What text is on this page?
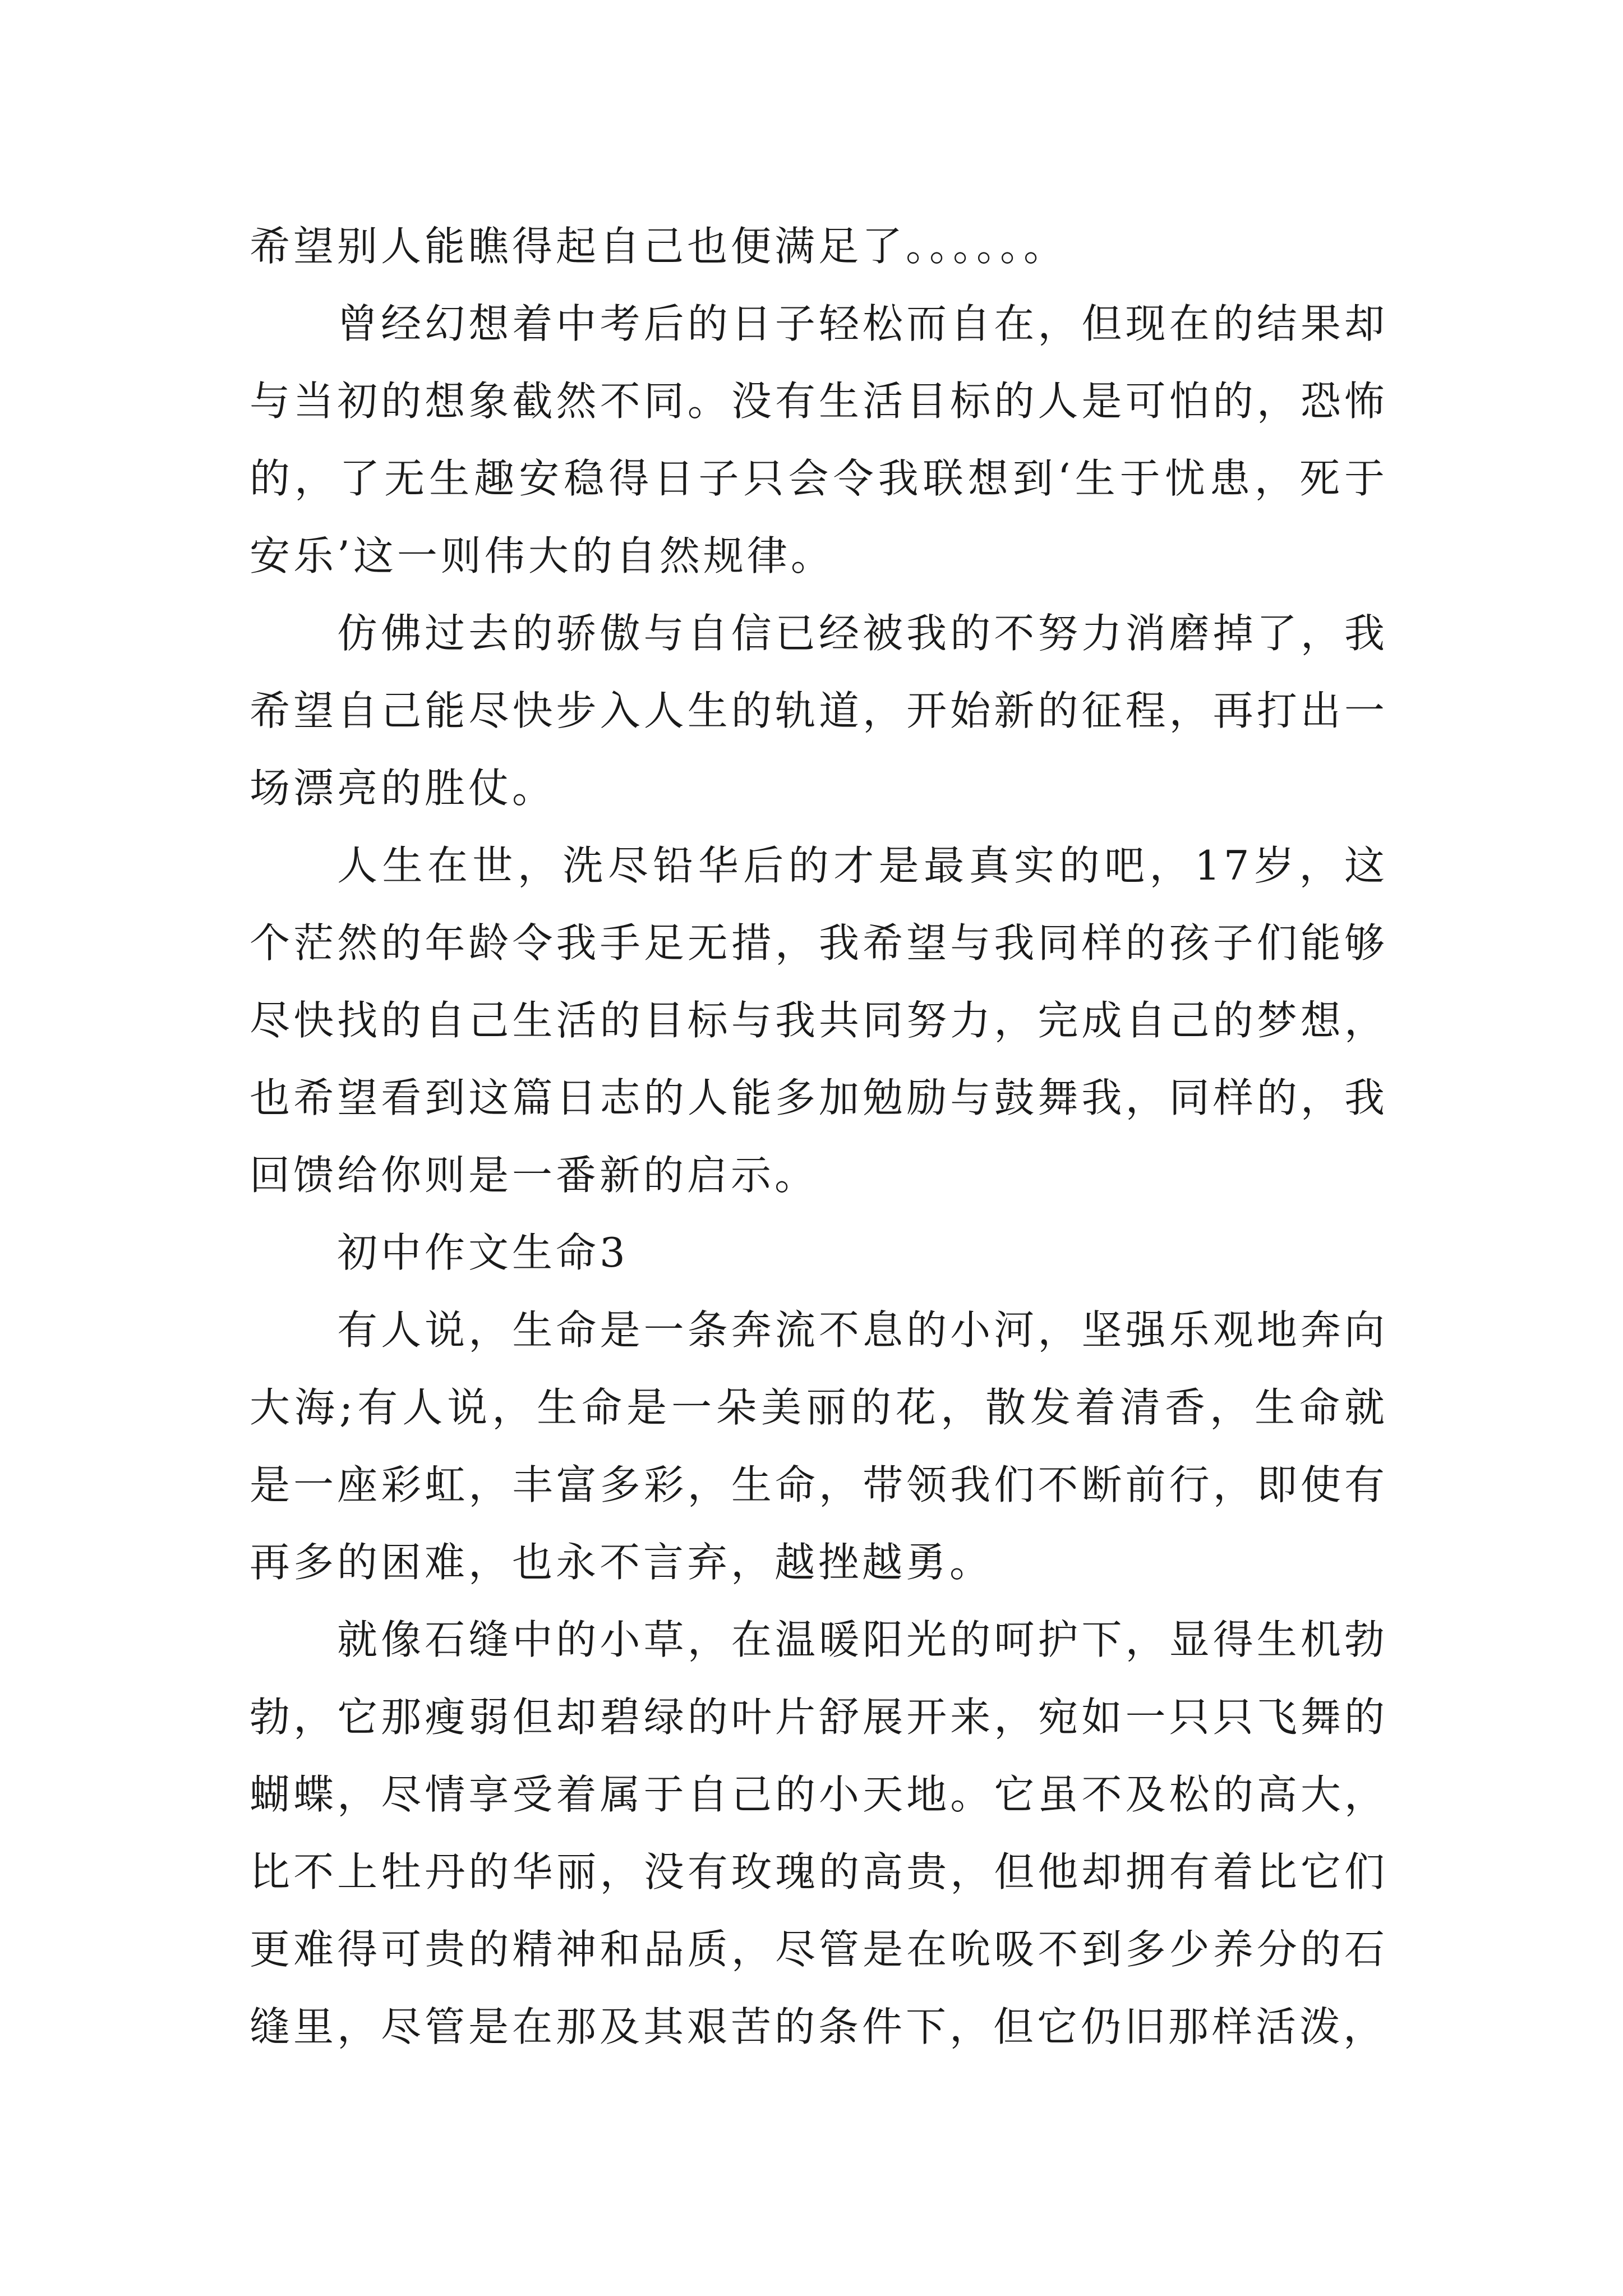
希望别人能瞧得起自己也便满足了。。。。。。

曾经幻想着中考后的日子轻松而自在，但现在的结果却与当初的想象截然不同。没有生活目标的人是可怕的，恐怖的，了无生趣安稳得日子只会令我联想到‘生于忧患，死于安乐’这一则伟大的自然规律。

仿佛过去的骄傲与自信已经被我的不努力消磨掉了，我希望自己能尽快步入人生的轨道，开始新的征程，再打出一场漂亮的胜仗。

人生在世，洗尽铅华后的才是最真实的吧，17岁，这个茫然的年龄令我手足无措，我希望与我同样的孩子们能够尽快找的自己生活的目标与我共同努力，完成自己的梦想，也希望看到这篇日志的人能多加勉励与鼓舞我，同样的，我回馈给你则是一番新的启示。

初中作文生命3

有人说，生命是一条奔流不息的小河，坚强乐观地奔向大海;有人说，生命是一朵美丽的花，散发着清香，生命就是一座彩虹，丰富多彩，生命，带领我们不断前行，即使有再多的困难，也永不言弃，越挫越勇。

就像石缝中的小草，在温暖阳光的呵护下，显得生机勃勃，它那瘦弱但却碧绿的叶片舒展开来，宛如一只只飞舞的蝴蝶，尽情享受着属于自己的小天地。它虽不及松的高大，比不上牡丹的华丽，没有玫瑰的高贵，但他却拥有着比它们更难得可贵的精神和品质，尽管是在吮吸不到多少养分的石缝里，尽管是在那及其艰苦的条件下，但它仍旧那样活泼，
